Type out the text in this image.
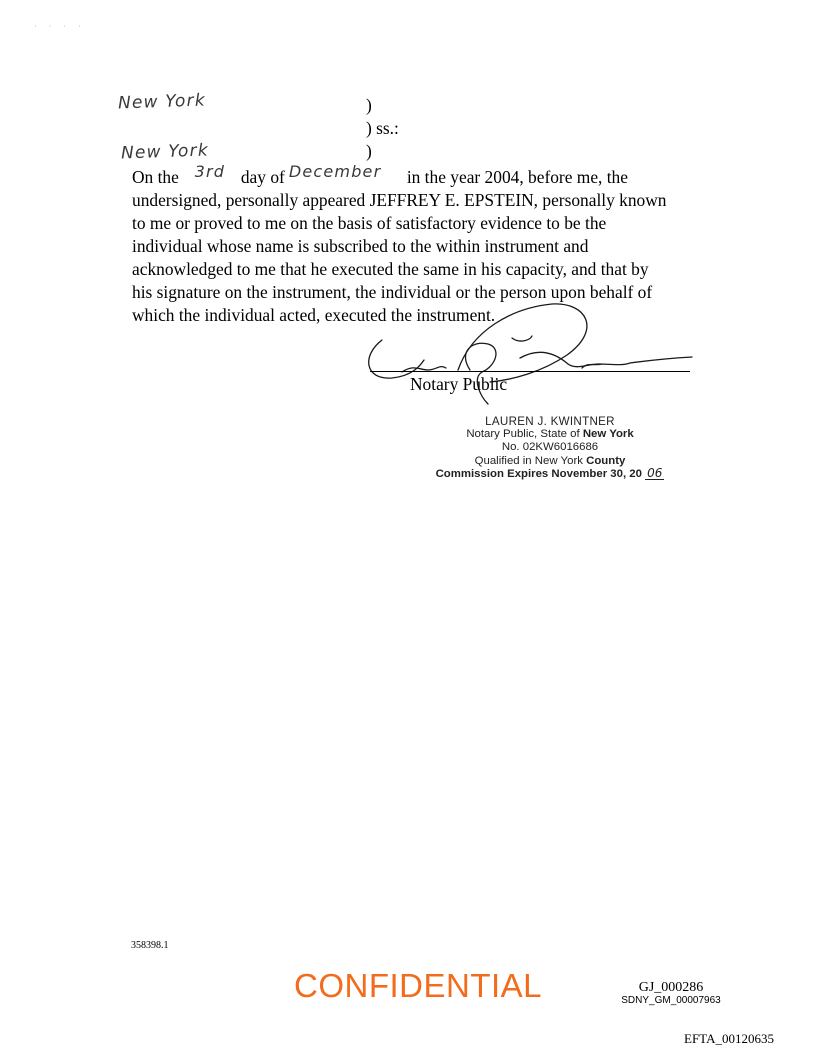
· · · ·
New York
New York
)
) ss.:
)

On the 3rd day of December in the year 2004, before me, the

undersigned, personally appeared JEFFREY E. EPSTEIN, personally known

to me or proved to me on the basis of satisfactory evidence to be the

individual whose name is subscribed to the within instrument and

acknowledged to me that he executed the same in his capacity, and that by

his signature on the instrument, the individual or the person upon behalf of

which the individual acted, executed the instrument.

Notary Public
LAUREN J. KWINTNER
Notary Public, State of New York
No. 02KW6016686
Qualified in New York County
Commission Expires November 30, 20 06
358398.1
CONFIDENTIAL	GJ_000286
SDNY_GM_00007963
EFTA_00120635
